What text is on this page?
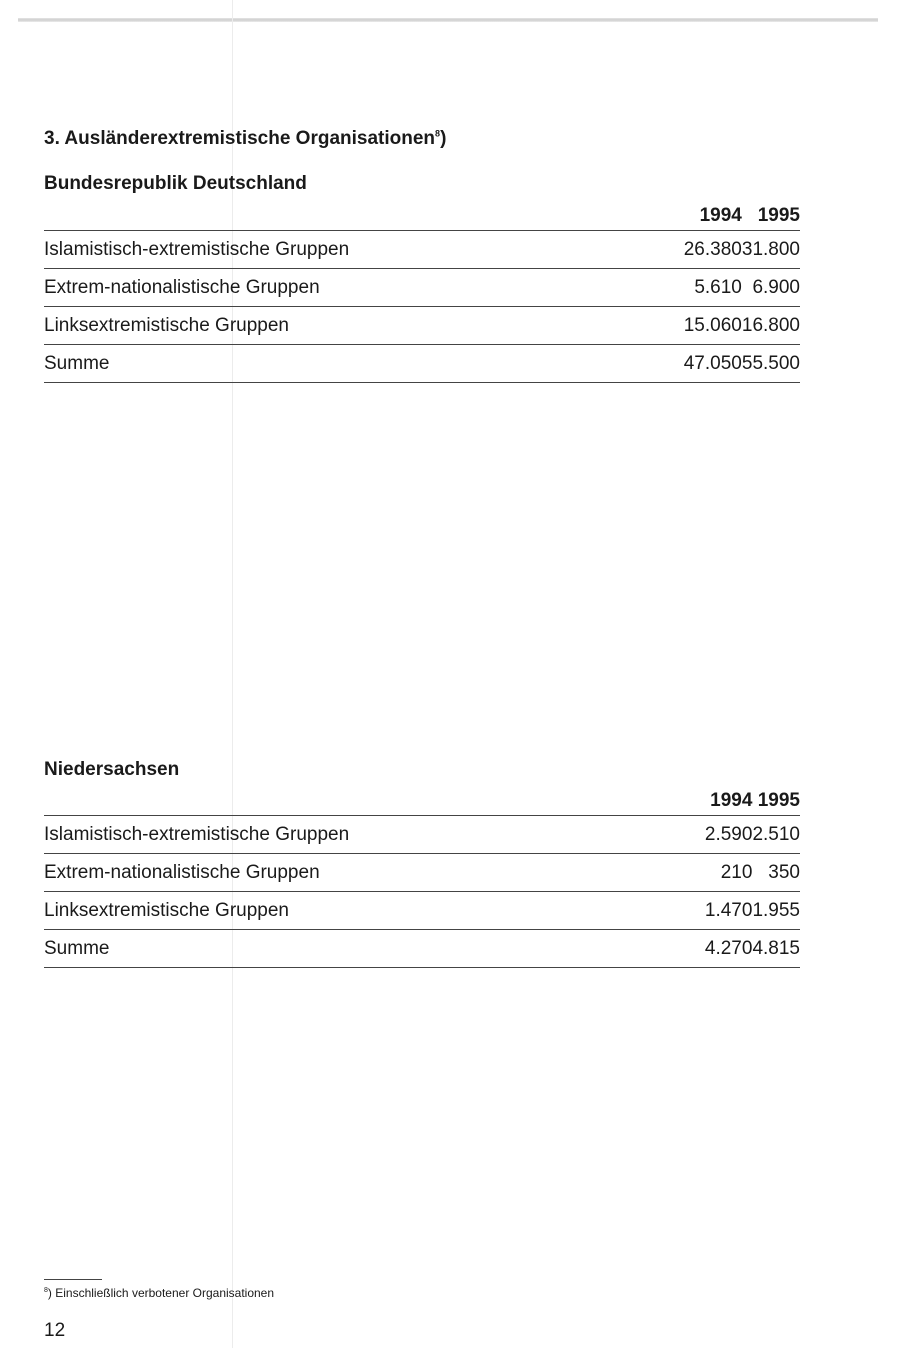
3. Ausländerextremistische Organisationen$^8$)
Bundesrepublik Deutschland
	1994	1995	
Islamistisch-extremistische Gruppen	26.380	31.800	
Extrem-nationalistische Gruppen	5.610	6.900	
Linksextremistische Gruppen	15.060	16.800	
Summe	47.050	55.500	
Niedersachsen
	1994	1995	
Islamistisch-extremistische Gruppen	2.590	2.510	
Extrem-nationalistische Gruppen	210	350	
Linksextremistische Gruppen	1.470	1.955	
Summe	4.270	4.815	
$^8$) Einschließlich verbotener Organisationen
12
